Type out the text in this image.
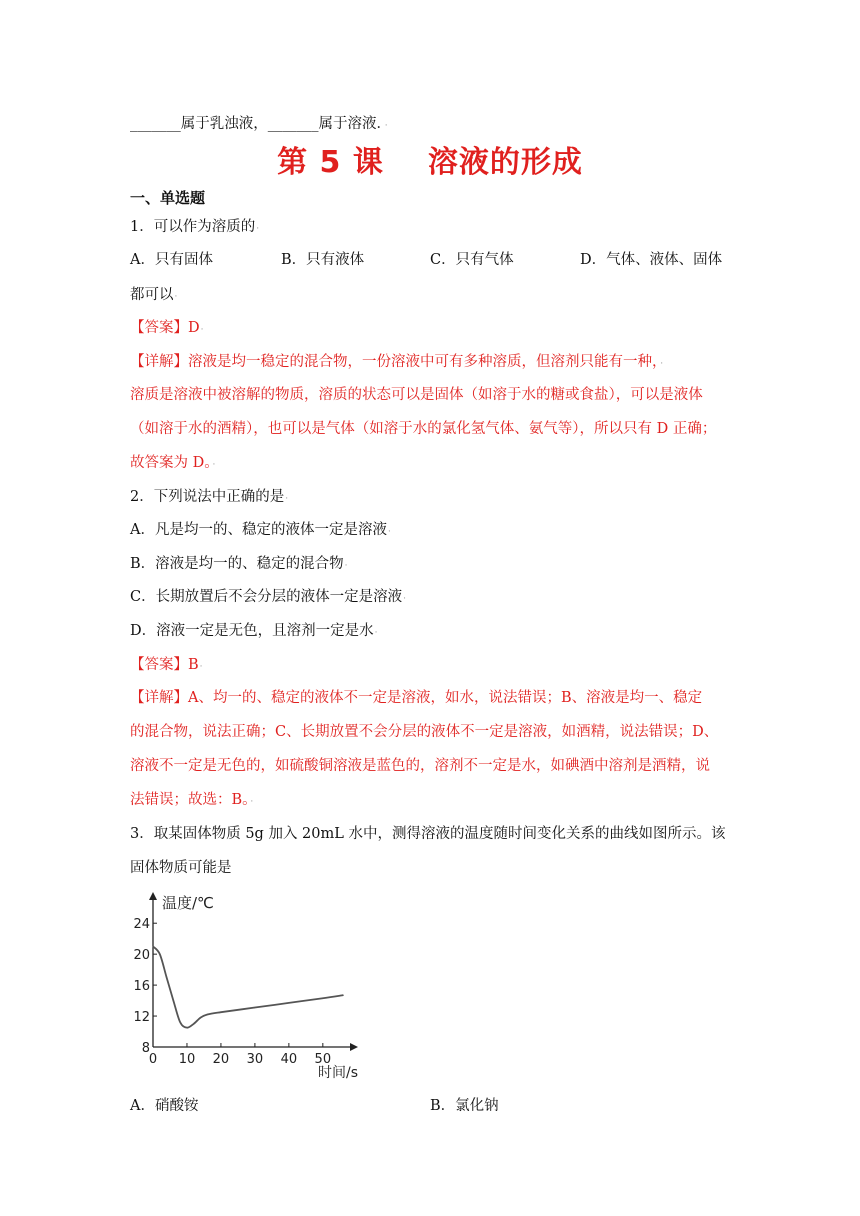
_______属于乳浊液，_______属于溶液．·
第 5 课 溶液的形成
一、单选题
1．可以作为溶质的·
A．只有固体	B．只有液体	C．只有气体	D．气体、液体、固体
都可以·
【答案】D·
【详解】溶液是均一稳定的混合物，一份溶液中可有多种溶质，但溶剂只能有一种，·
溶质是溶液中被溶解的物质，溶质的状态可以是固体（如溶于水的糖或食盐），可以是液体
（如溶于水的酒精），也可以是气体（如溶于水的氯化氢气体、氨气等），所以只有 D 正确；
故答案为 D。·
2．下列说法中正确的是·
A．凡是均一的、稳定的液体一定是溶液·
B．溶液是均一的、稳定的混合物·
C．长期放置后不会分层的液体一定是溶液·
D．溶液一定是无色，且溶剂一定是水·
【答案】B·
【详解】A、均一的、稳定的液体不一定是溶液，如水，说法错误；B、溶液是均一、稳定
的混合物，说法正确；C、长期放置不会分层的液体不一定是溶液，如酒精，说法错误；D、
溶液不一定是无色的，如硫酸铜溶液是蓝色的，溶剂不一定是水，如碘酒中溶剂是酒精，说
法错误；故选：B。·
3．取某固体物质 5g 加入 20mL 水中，测得溶液的温度随时间变化关系的曲线如图所示。该
固体物质可能是
24
20
16
12
8
0 10 20 30 40 50
温度/℃
时间/s
A．硝酸铵	B．氯化钠
